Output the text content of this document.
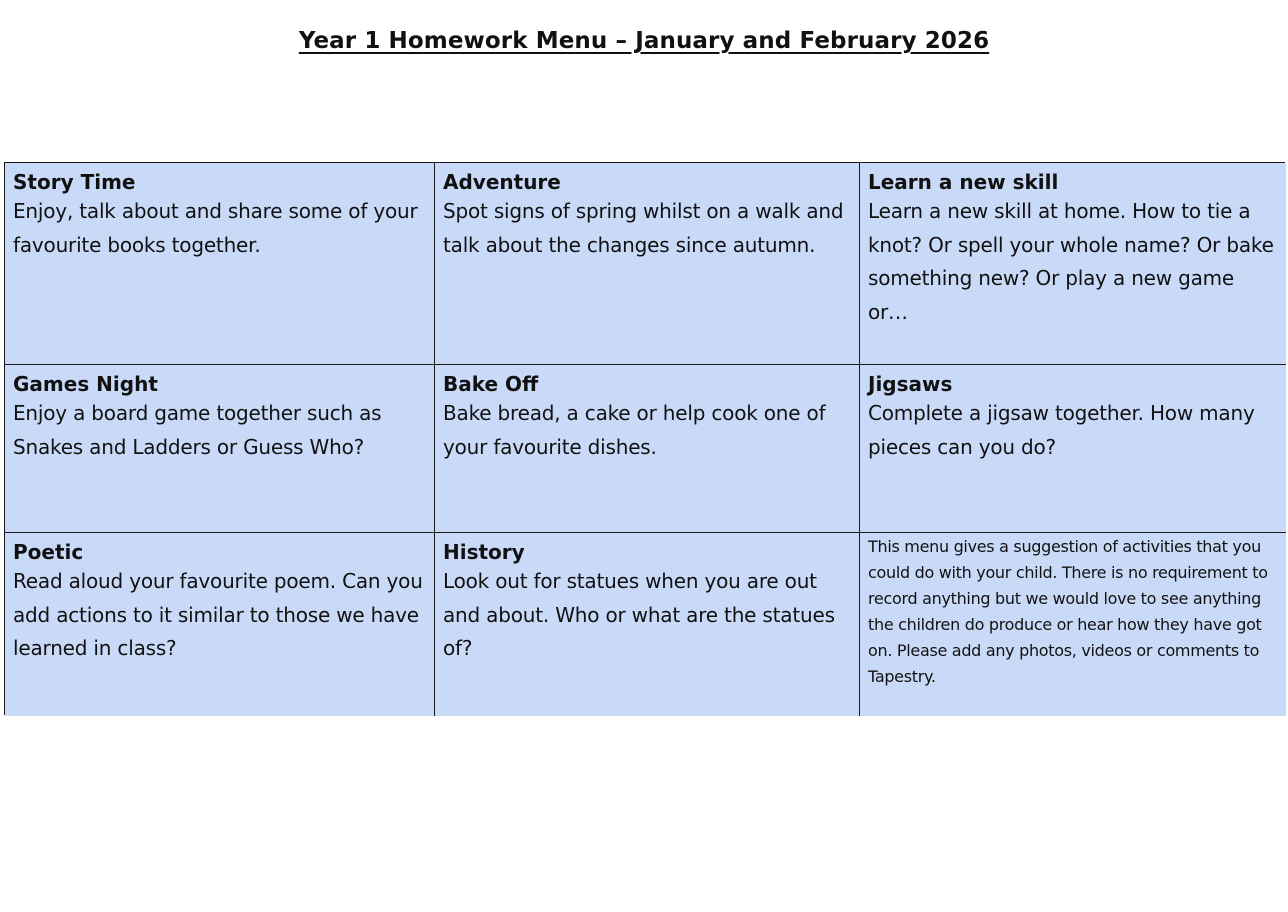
Year 1 Homework Menu – January and February 2026
Story Time
Enjoy, talk about and share some of your favourite books together.
Adventure
Spot signs of spring whilst on a walk and talk about the changes since autumn.
Learn a new skill
Learn a new skill at home. How to tie a knot? Or spell your whole name? Or bake something new? Or play a new game or…
Games Night
Enjoy a board game together such as Snakes and Ladders or Guess Who?
Bake Off
Bake bread, a cake or help cook one of your favourite dishes.
Jigsaws
Complete a jigsaw together. How many pieces can you do?
Poetic
Read aloud your favourite poem. Can you add actions to it similar to those we have learned in class?
History
Look out for statues when you are out and about. Who or what are the statues of?
This menu gives a suggestion of activities that you could do with your child. There is no requirement to record anything but we would love to see anything the children do produce or hear how they have got on. Please add any photos, videos or comments to Tapestry.
